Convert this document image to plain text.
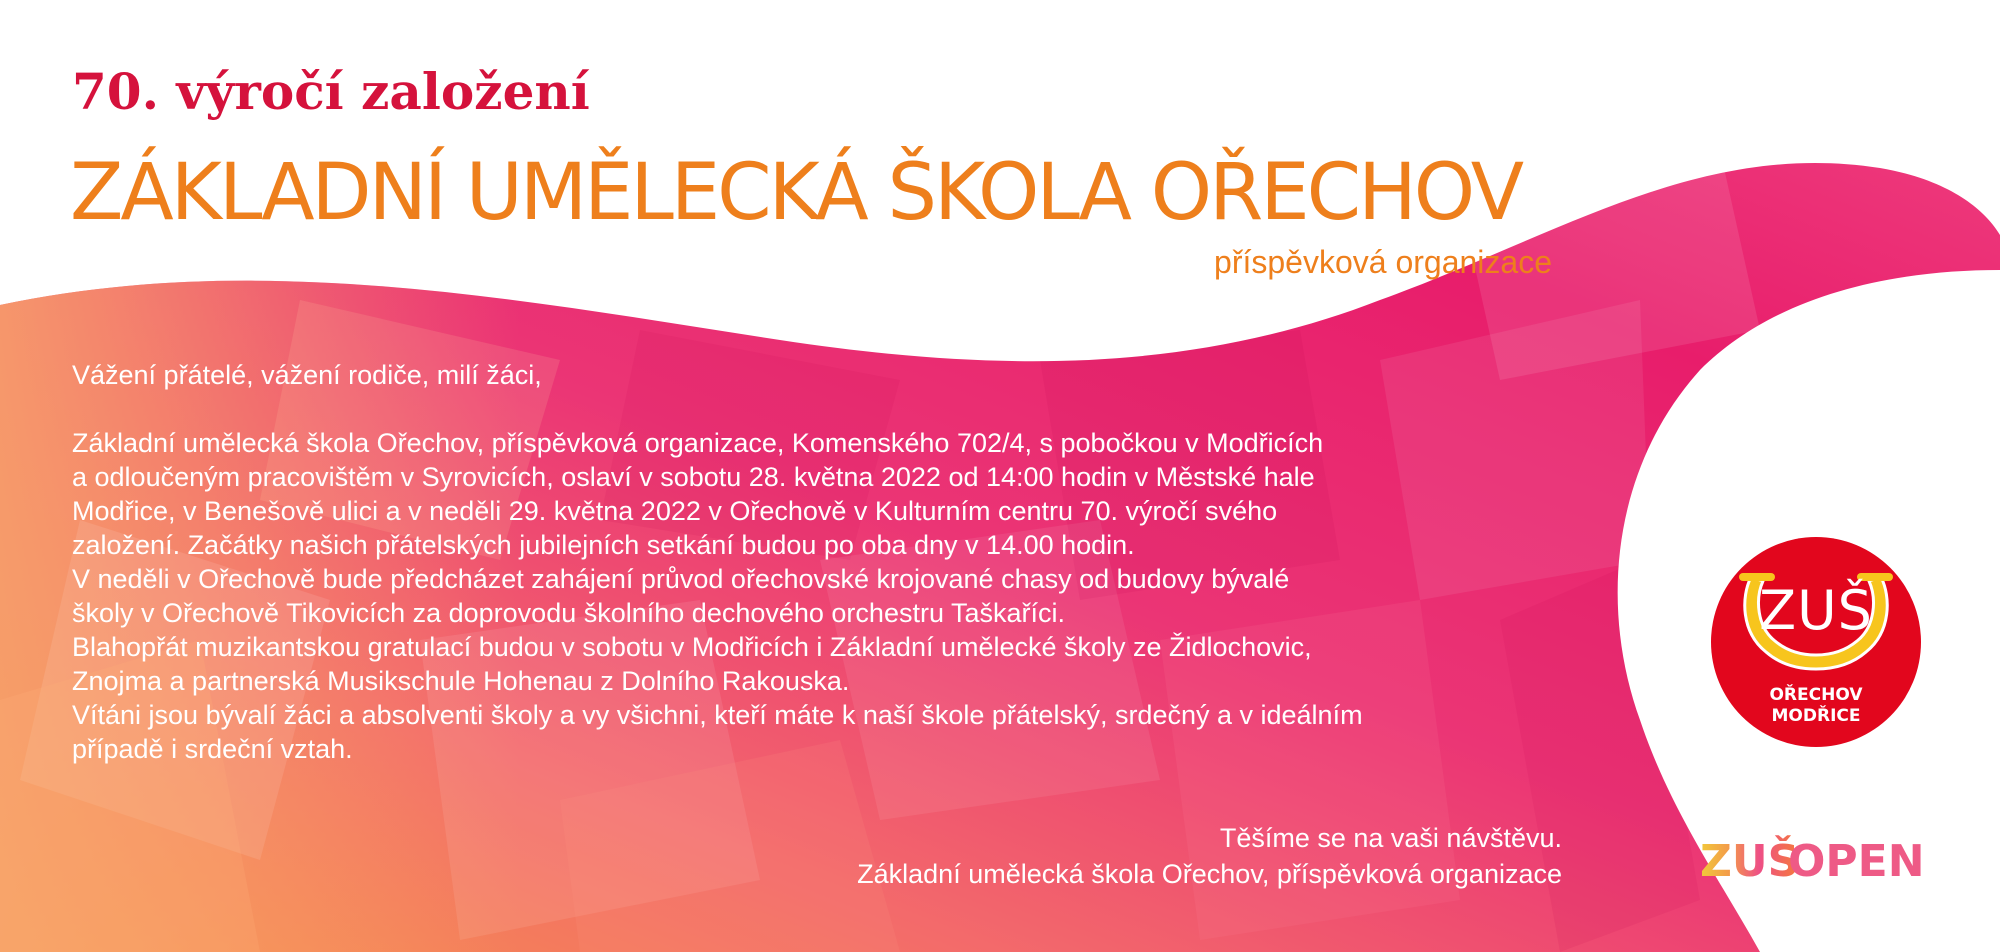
70. výročí založení
ZÁKLADNÍ UMĚLECKÁ ŠKOLA OŘECHOV

příspěvková organizace

Vážení přátelé, vážení rodiče, milí žáci,

Základní umělecká škola Ořechov, příspěvková organizace, Komenského 702/4, s pobočkou v Modřicích

a odloučeným pracovištěm v Syrovicích, oslaví v sobotu 28. května 2022 od 14:00 hodin v Městské hale

Modřice, v Benešově ulici a v neděli 29. května 2022 v Ořechově v Kulturním centru 70. výročí svého

založení. Začátky našich přátelských jubilejních setkání budou po oba dny v 14.00 hodin.

V neděli v Ořechově bude předcházet zahájení průvod ořechovské krojované chasy od budovy bývalé

školy v Ořechově Tikovicích za doprovodu školního dechového orchestru Taškaříci.

Blahopřát muzikantskou gratulací budou v sobotu v Modřicích i Základní umělecké školy ze Židlochovic,

Znojma a partnerská Musikschule Hohenau z Dolního Rakouska.

Vítáni jsou bývalí žáci a absolventi školy a vy všichni, kteří máte k naší škole přátelský, srdečný a v ideálním

případě i srdeční vztah.

Těšíme se na vaši návštěvu.

Základní umělecká škola Ořechov, příspěvková organizace

ZUŠ
OŘECHOV
MODŘICE
ZUŠ
OPEN
